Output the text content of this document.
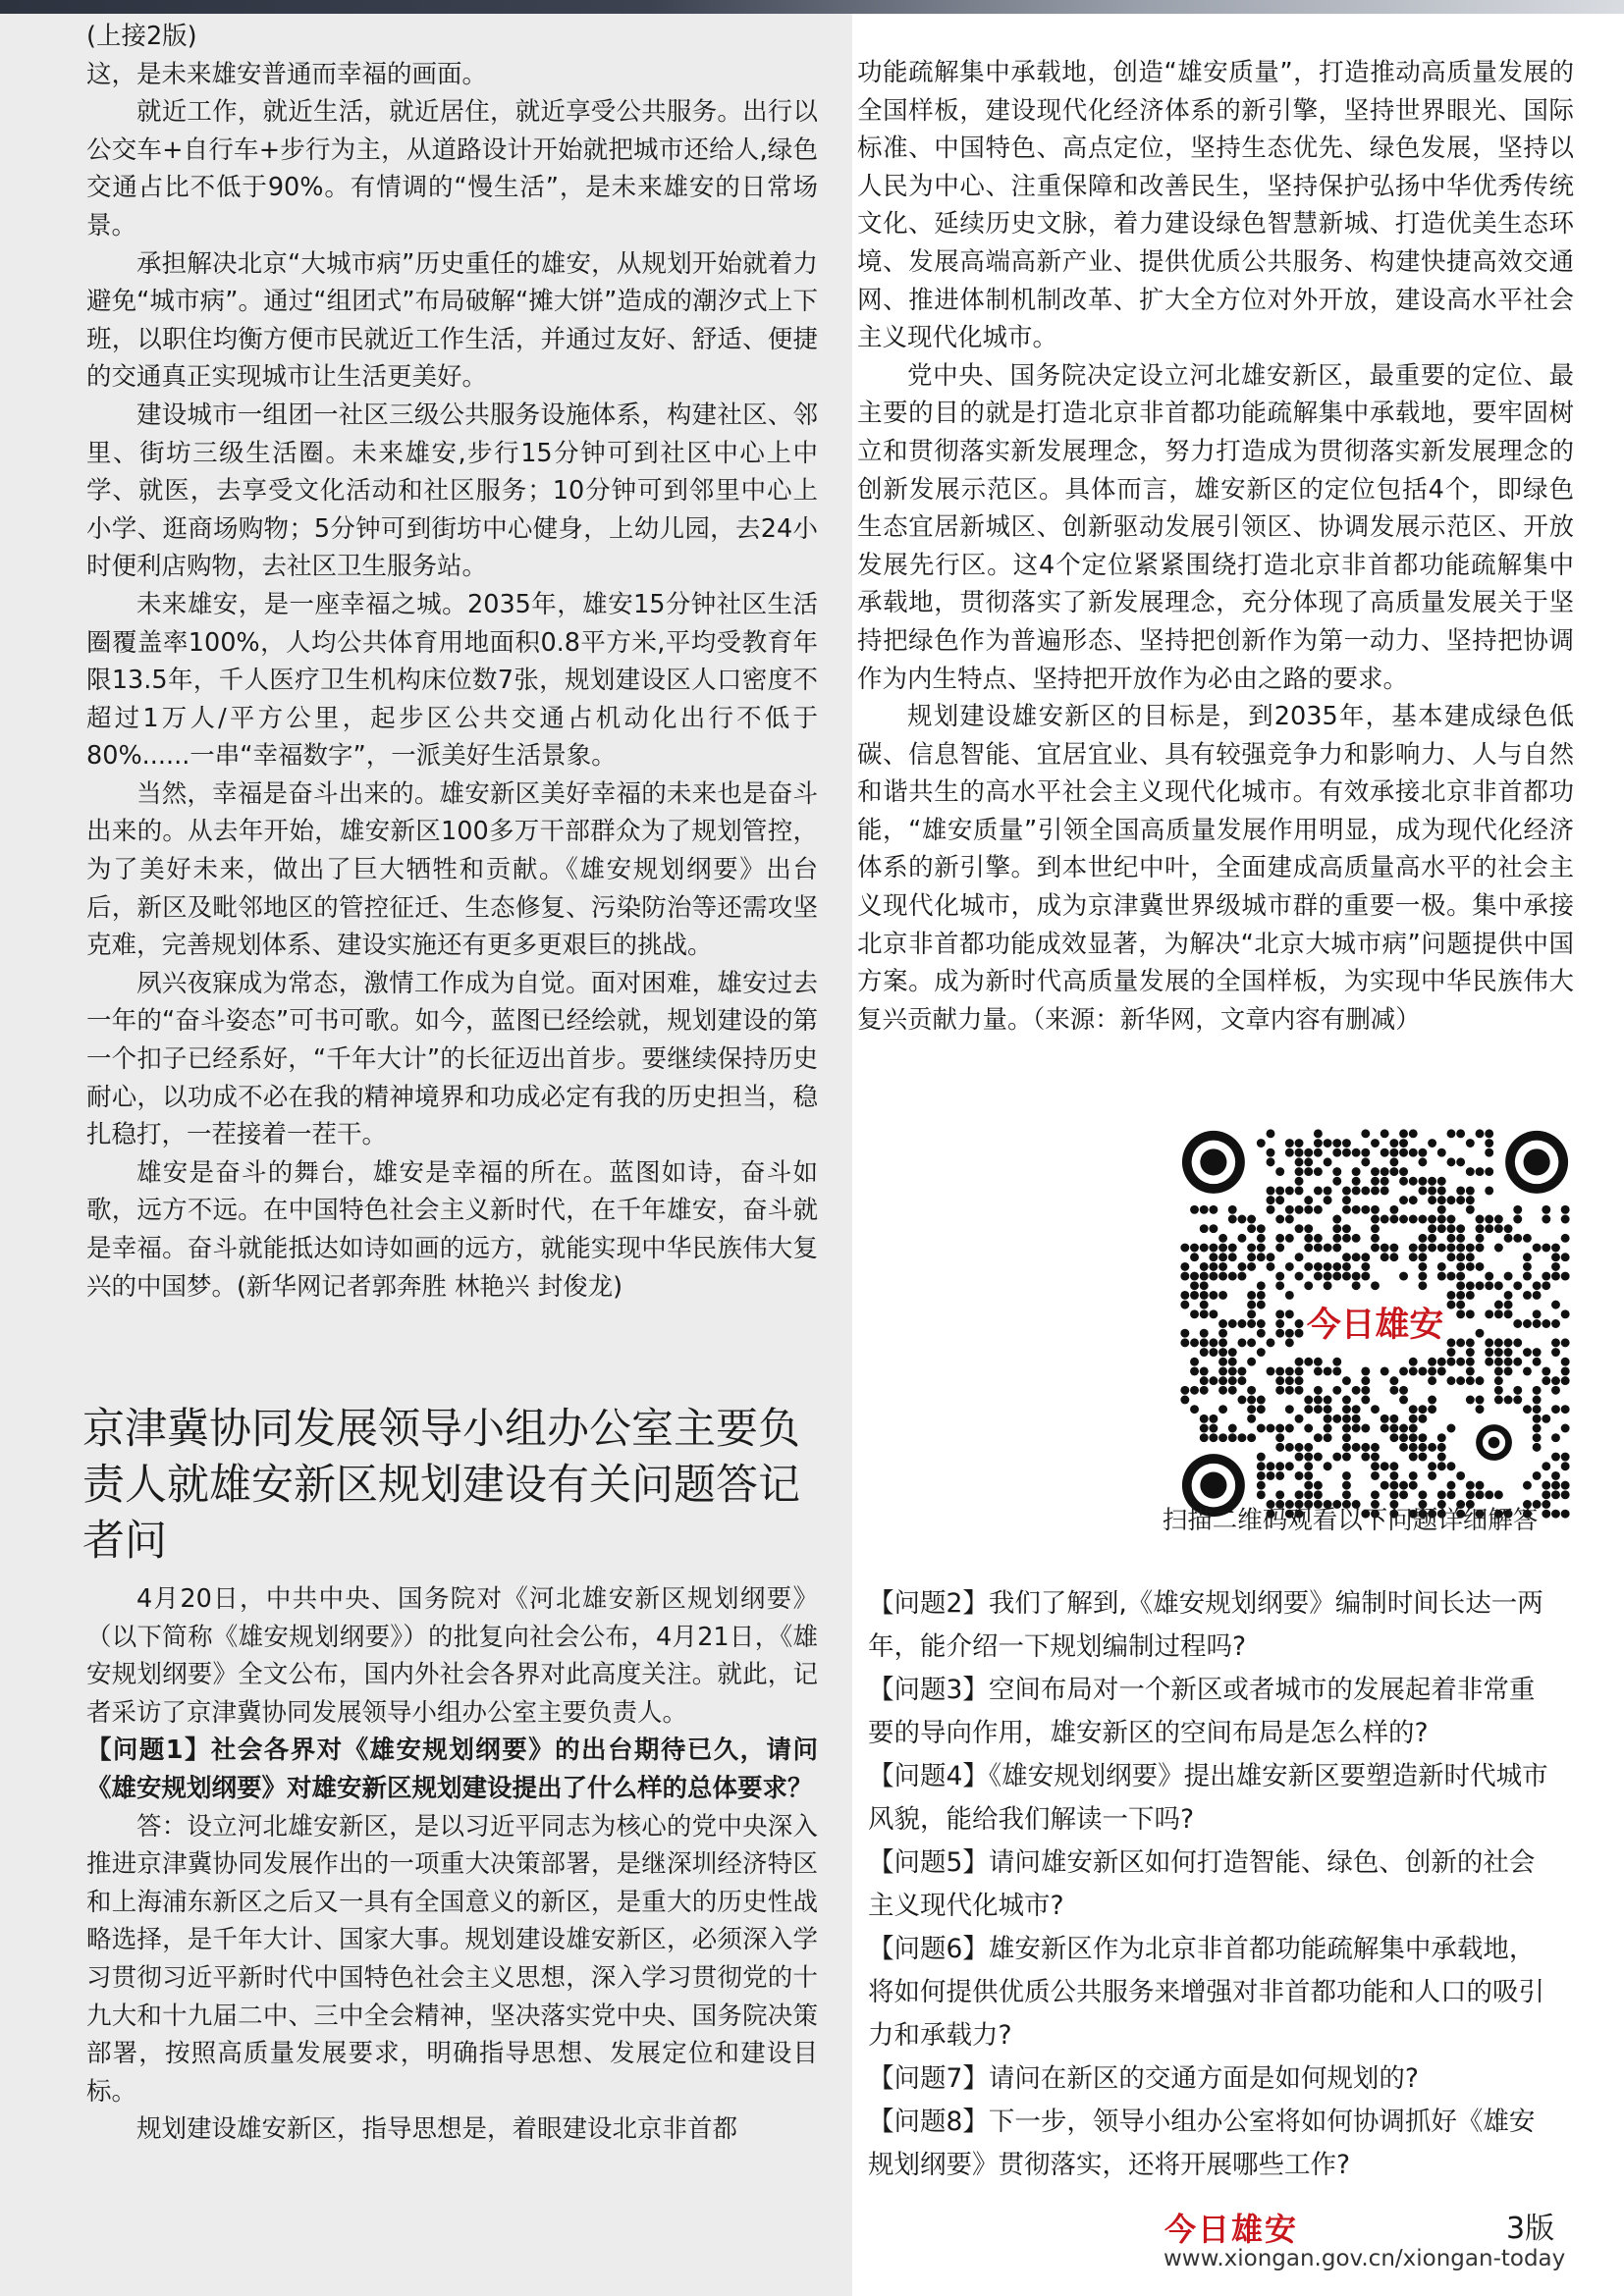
(上接2版)

这，是未来雄安普通而幸福的画面。

就近工作，就近生活，就近居住，就近享受公共服务。出行以公交车+自行车+步行为主，从道路设计开始就把城市还给人,绿色交通占比不低于90%。有情调的“慢生活”，是未来雄安的日常场景。

承担解决北京“大城市病”历史重任的雄安，从规划开始就着力避免“城市病”。通过“组团式”布局破解“摊大饼”造成的潮汐式上下班，以职住均衡方便市民就近工作生活，并通过友好、舒适、便捷的交通真正实现城市让生活更美好。

建设城市一组团一社区三级公共服务设施体系，构建社区、邻里、街坊三级生活圈。未来雄安,步行15分钟可到社区中心上中学、就医，去享受文化活动和社区服务；10分钟可到邻里中心上小学、逛商场购物；5分钟可到街坊中心健身，上幼儿园，去24小时便利店购物，去社区卫生服务站。

未来雄安，是一座幸福之城。2035年，雄安15分钟社区生活圈覆盖率100%，人均公共体育用地面积0.8平方米,平均受教育年限13.5年，千人医疗卫生机构床位数7张，规划建设区人口密度不超过1万人/平方公里，起步区公共交通占机动化出行不低于80%......一串“幸福数字”，一派美好生活景象。

当然，幸福是奋斗出来的。雄安新区美好幸福的未来也是奋斗出来的。从去年开始，雄安新区100多万干部群众为了规划管控，为了美好未来，做出了巨大牺牲和贡献。《雄安规划纲要》出台后，新区及毗邻地区的管控征迁、生态修复、污染防治等还需攻坚克难，完善规划体系、建设实施还有更多更艰巨的挑战。

夙兴夜寐成为常态，激情工作成为自觉。面对困难，雄安过去一年的“奋斗姿态”可书可歌。如今，蓝图已经绘就，规划建设的第一个扣子已经系好，“千年大计”的长征迈出首步。要继续保持历史耐心，以功成不必在我的精神境界和功成必定有我的历史担当，稳扎稳打，一茬接着一茬干。

雄安是奋斗的舞台，雄安是幸福的所在。蓝图如诗，奋斗如歌，远方不远。在中国特色社会主义新时代，在千年雄安，奋斗就是幸福。奋斗就能抵达如诗如画的远方，就能实现中华民族伟大复兴的中国梦。(新华网记者郭奔胜 林艳兴 封俊龙)

京津冀协同发展领导小组办公室主要负责人就雄安新区规划建设有关问题答记者问

4月20日，中共中央、国务院对《河北雄安新区规划纲要》（以下简称《雄安规划纲要》）的批复向社会公布，4月21日，《雄安规划纲要》全文公布，国内外社会各界对此高度关注。就此，记者采访了京津冀协同发展领导小组办公室主要负责人。

【问题1】社会各界对《雄安规划纲要》的出台期待已久，请问《雄安规划纲要》对雄安新区规划建设提出了什么样的总体要求？

答：设立河北雄安新区，是以习近平同志为核心的党中央深入推进京津冀协同发展作出的一项重大决策部署，是继深圳经济特区和上海浦东新区之后又一具有全国意义的新区，是重大的历史性战略选择，是千年大计、国家大事。规划建设雄安新区，必须深入学习贯彻习近平新时代中国特色社会主义思想，深入学习贯彻党的十九大和十九届二中、三中全会精神，坚决落实党中央、国务院决策部署，按照高质量发展要求，明确指导思想、发展定位和建设目标。

规划建设雄安新区，指导思想是，着眼建设北京非首都

功能疏解集中承载地，创造“雄安质量”，打造推动高质量发展的全国样板，建设现代化经济体系的新引擎，坚持世界眼光、国际标准、中国特色、高点定位，坚持生态优先、绿色发展，坚持以人民为中心、注重保障和改善民生，坚持保护弘扬中华优秀传统文化、延续历史文脉，着力建设绿色智慧新城、打造优美生态环境、发展高端高新产业、提供优质公共服务、构建快捷高效交通网、推进体制机制改革、扩大全方位对外开放，建设高水平社会主义现代化城市。

党中央、国务院决定设立河北雄安新区，最重要的定位、最主要的目的就是打造北京非首都功能疏解集中承载地，要牢固树立和贯彻落实新发展理念，努力打造成为贯彻落实新发展理念的创新发展示范区。具体而言，雄安新区的定位包括4个，即绿色生态宜居新城区、创新驱动发展引领区、协调发展示范区、开放发展先行区。这4个定位紧紧围绕打造北京非首都功能疏解集中承载地，贯彻落实了新发展理念，充分体现了高质量发展关于坚持把绿色作为普遍形态、坚持把创新作为第一动力、坚持把协调作为内生特点、坚持把开放作为必由之路的要求。

规划建设雄安新区的目标是，到2035年，基本建成绿色低碳、信息智能、宜居宜业、具有较强竞争力和影响力、人与自然和谐共生的高水平社会主义现代化城市。有效承接北京非首都功能，“雄安质量”引领全国高质量发展作用明显，成为现代化经济体系的新引擎。到本世纪中叶，全面建成高质量高水平的社会主义现代化城市，成为京津冀世界级城市群的重要一极。集中承接北京非首都功能成效显著，为解决“北京大城市病”问题提供中国方案。成为新时代高质量发展的全国样板，为实现中华民族伟大复兴贡献力量。（来源：新华网，文章内容有删减）

今日雄安
扫描二维码观看以下问题详细解答

【问题2】我们了解到,《雄安规划纲要》编制时间长达一两年，能介绍一下规划编制过程吗?

【问题3】空间布局对一个新区或者城市的发展起着非常重要的导向作用，雄安新区的空间布局是怎么样的?

【问题4】《雄安规划纲要》提出雄安新区要塑造新时代城市风貌，能给我们解读一下吗?

【问题5】请问雄安新区如何打造智能、绿色、创新的社会主义现代化城市?

【问题6】雄安新区作为北京非首都功能疏解集中承载地，将如何提供优质公共服务来增强对非首都功能和人口的吸引力和承载力?

【问题7】请问在新区的交通方面是如何规划的?

【问题8】下一步，领导小组办公室将如何协调抓好《雄安规划纲要》贯彻落实，还将开展哪些工作?

今日雄安	3版
www.xiongan.gov.cn/xiongan-today
